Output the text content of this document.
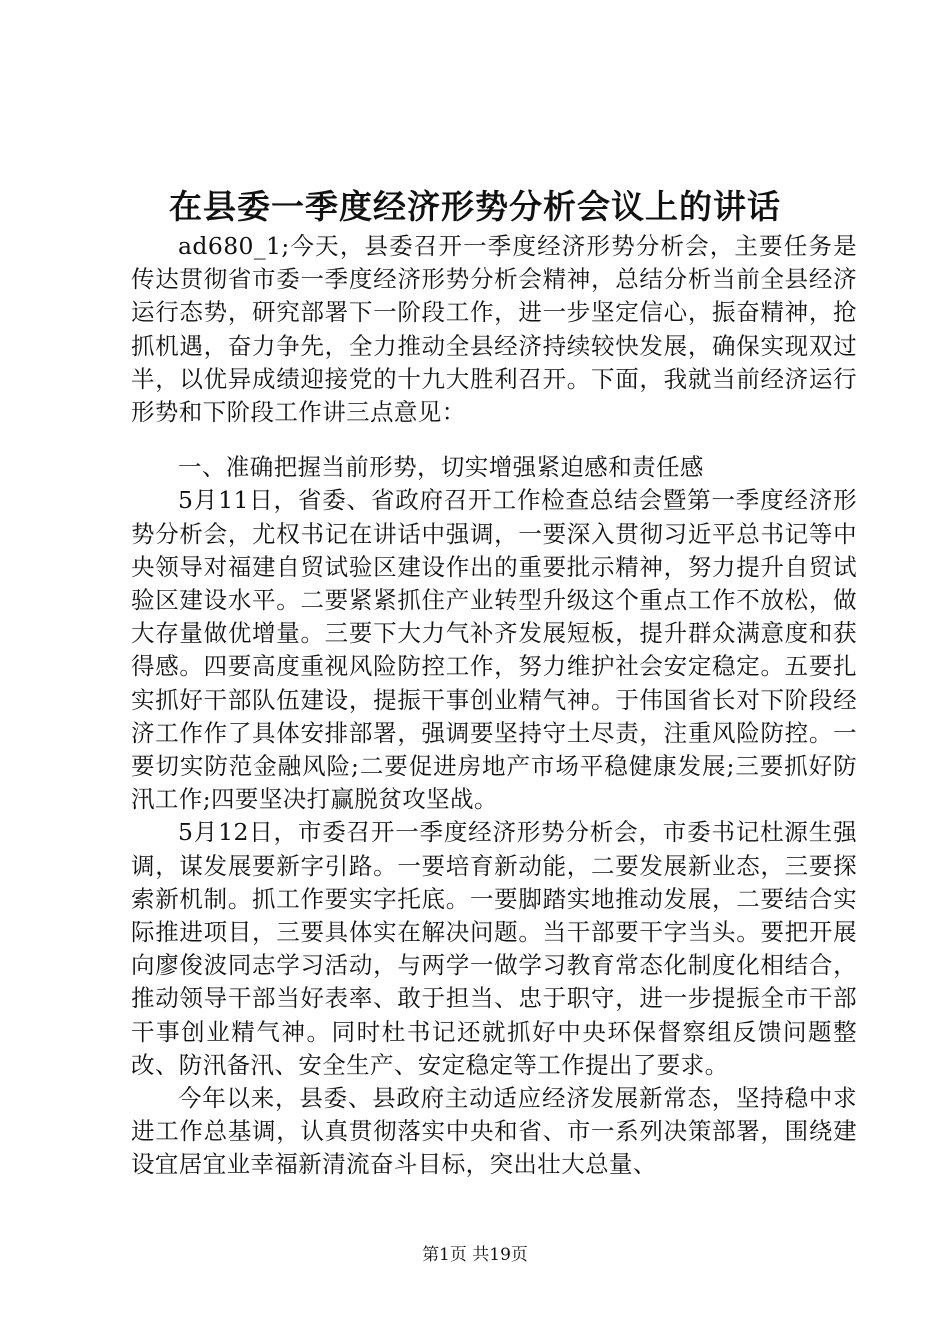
在县委一季度经济形势分析会议上的讲话

ad680_1;今天，县委召开一季度经济形势分析会，主要任务是传达贯彻省市委一季度经济形势分析会精神，总结分析当前全县经济运行态势，研究部署下一阶段工作，进一步坚定信心，振奋精神，抢抓机遇，奋力争先，全力推动全县经济持续较快发展，确保实现双过半，以优异成绩迎接党的十九大胜利召开。下面，我就当前经济运行形势和下阶段工作讲三点意见：

一、准确把握当前形势，切实增强紧迫感和责任感

5月11日，省委、省政府召开工作检查总结会暨第一季度经济形势分析会，尤权书记在讲话中强调，一要深入贯彻习近平总书记等中央领导对福建自贸试验区建设作出的重要批示精神，努力提升自贸试验区建设水平。二要紧紧抓住产业转型升级这个重点工作不放松，做大存量做优增量。三要下大力气补齐发展短板，提升群众满意度和获得感。四要高度重视风险防控工作，努力维护社会安定稳定。五要扎实抓好干部队伍建设，提振干事创业精气神。于伟国省长对下阶段经济工作作了具体安排部署，强调要坚持守土尽责，注重风险防控。一要切实防范金融风险;二要促进房地产市场平稳健康发展;三要抓好防汛工作;四要坚决打赢脱贫攻坚战。

5月12日，市委召开一季度经济形势分析会，市委书记杜源生强调，谋发展要新字引路。一要培育新动能，二要发展新业态，三要探索新机制。抓工作要实字托底。一要脚踏实地推动发展，二要结合实际推进项目，三要具体实在解决问题。当干部要干字当头。要把开展向廖俊波同志学习活动，与两学一做学习教育常态化制度化相结合，推动领导干部当好表率、敢于担当、忠于职守，进一步提振全市干部干事创业精气神。同时杜书记还就抓好中央环保督察组反馈问题整改、防汛备汛、安全生产、安定稳定等工作提出了要求。

今年以来，县委、县政府主动适应经济发展新常态，坚持稳中求进工作总基调，认真贯彻落实中央和省、市一系列决策部署，围绕建设宜居宜业幸福新清流奋斗目标，突出壮大总量、

第1页 共19页
